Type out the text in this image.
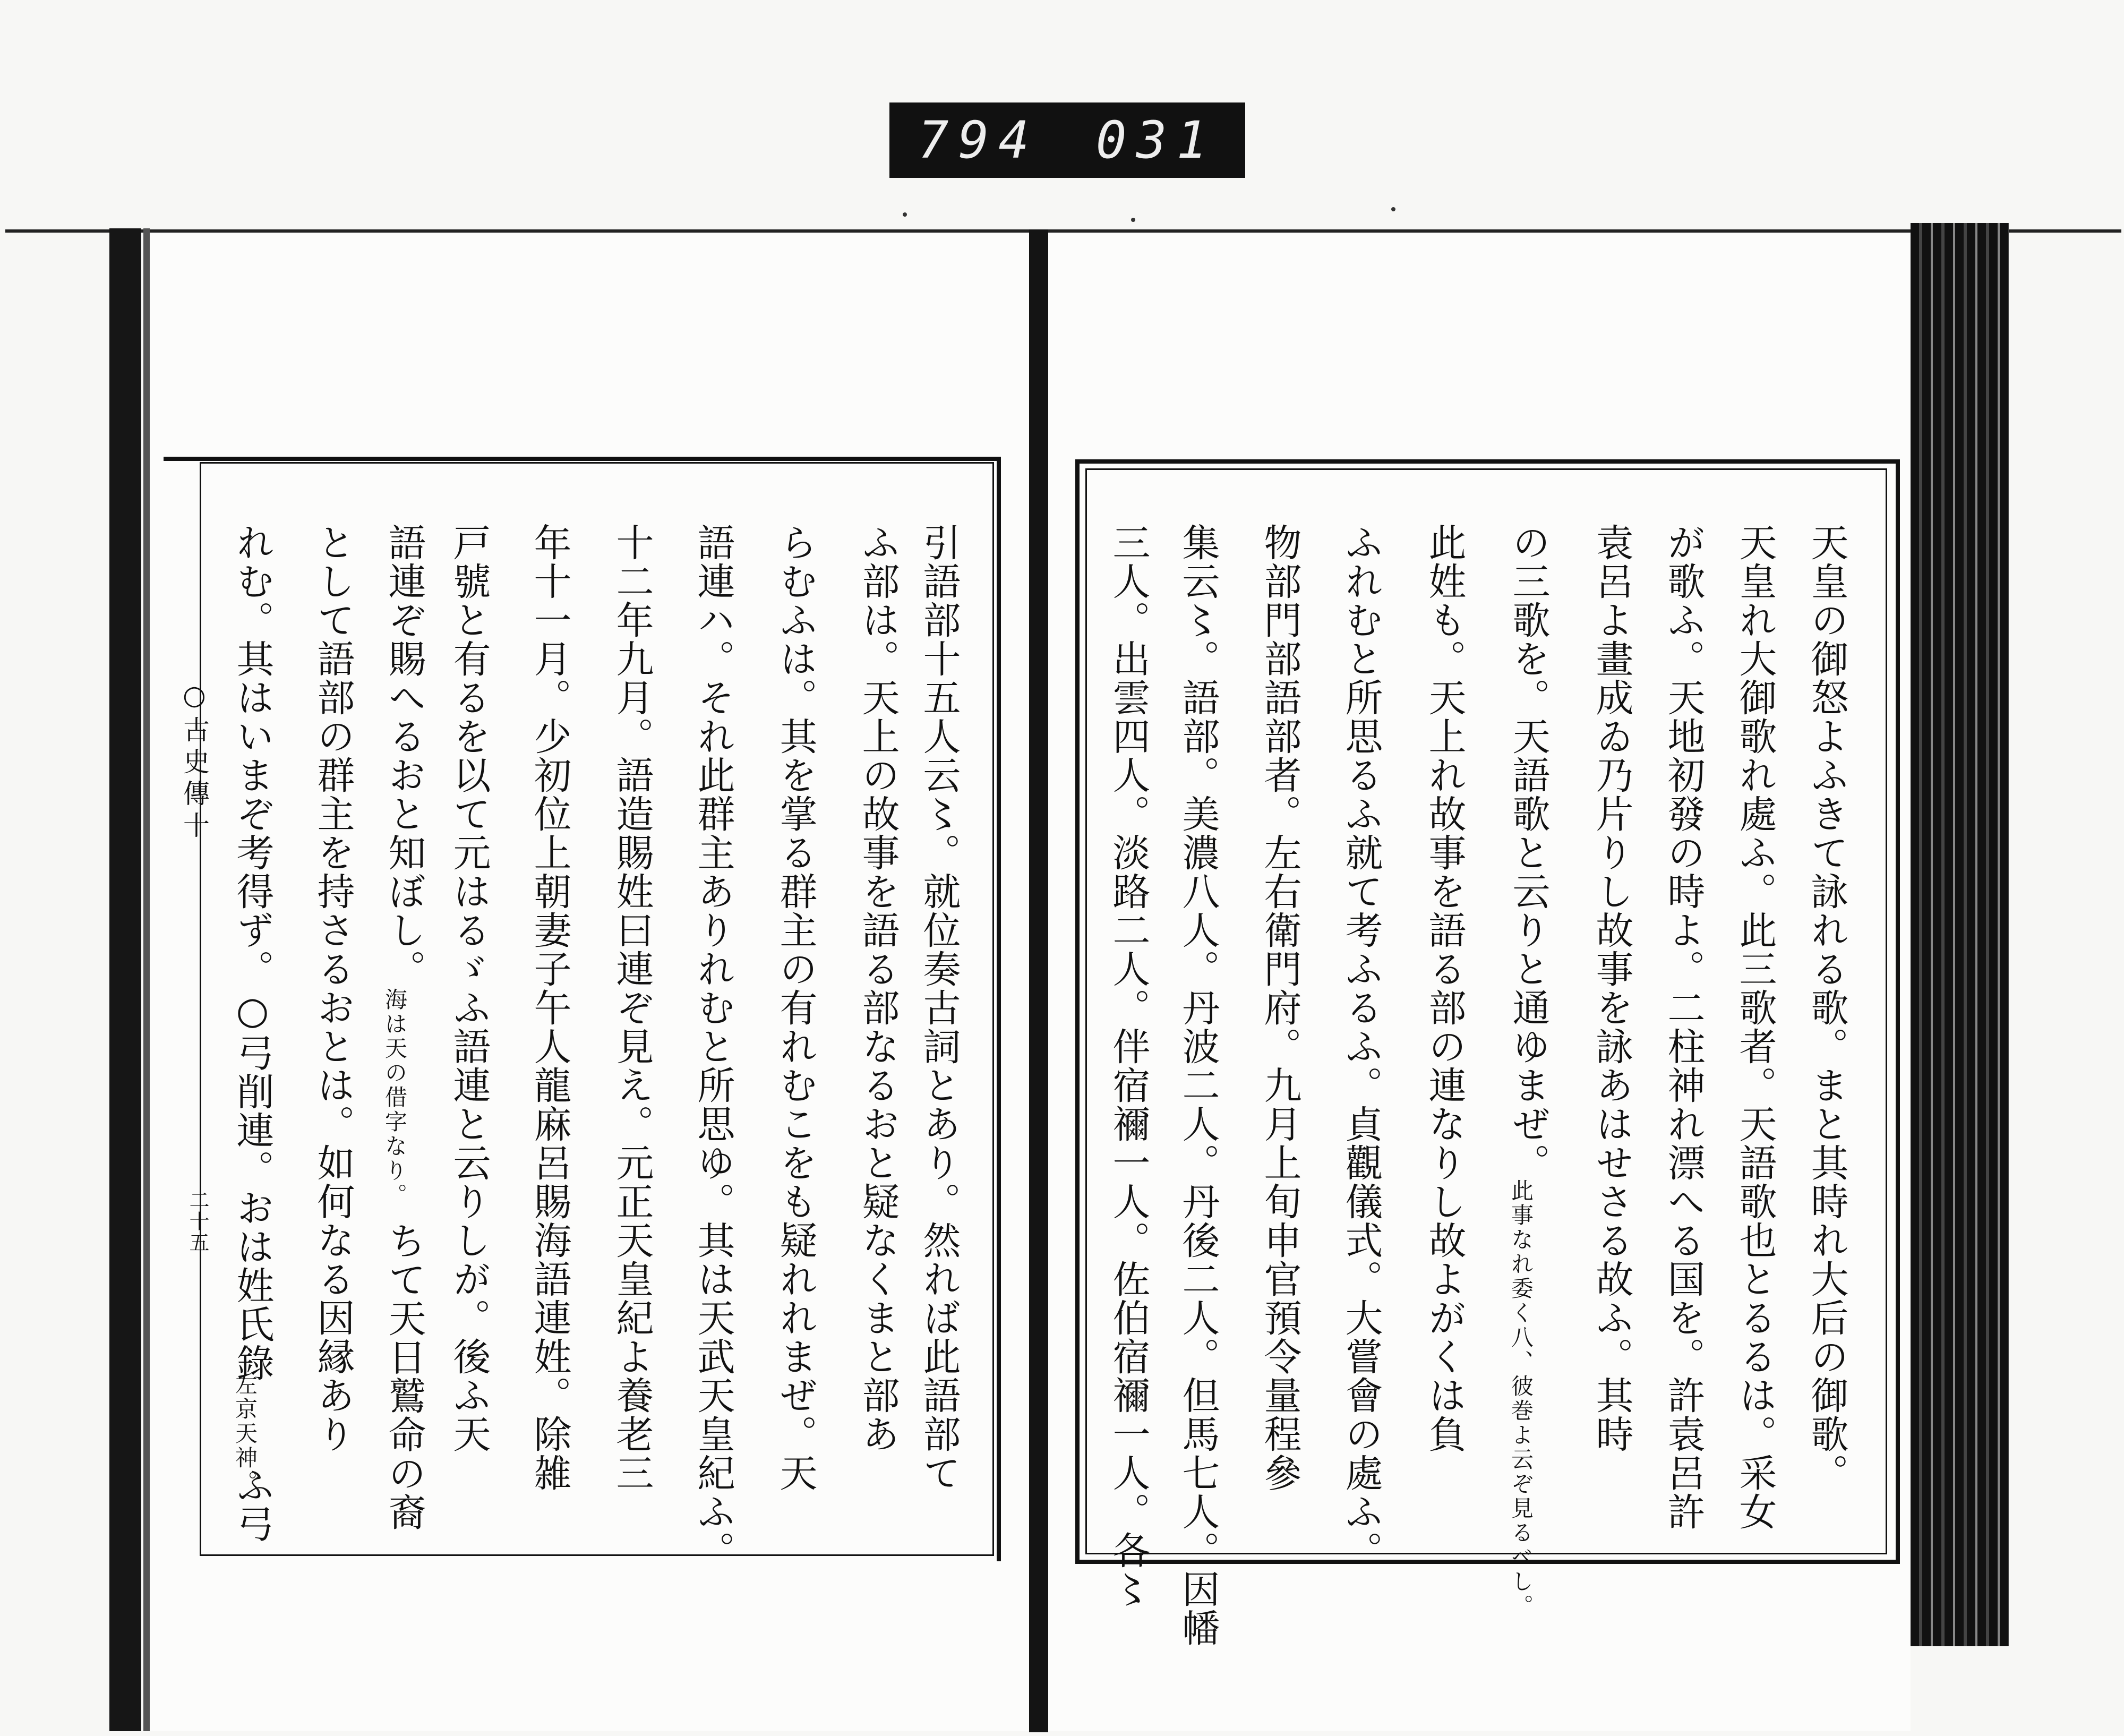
794 031
○古史傳十
二十五	引語部十五人云〻。就位奏古詞とあり。然れば此語部て
ふ部は。天上の故事を語る部なるおと疑なくまと部あ
らむふは。其を掌る群主の有れむこをも疑れれまぜ。天
語連ハ。それ此群主ありれむと所思ゆ。其は天武天皇紀ふ。
十二年九月。語造賜姓曰連ぞ見え。元正天皇紀よ養老三
年十一月。少初位上朝妻子午人龍麻呂賜海語連姓。除雑
戸號と有るを以て元はるゞふ語連と云りしが。後ふ天
語連ぞ賜へるおと知ぼし。
海は天の借字なり。
ちて天日鷲命の裔
として語部の群主を持さるおとは。如何なる因縁あり
れむ。其はいまぞ考得ず。○弓削連。おは姓氏錄
左京天神。
ふ弓
天皇の御怒よふきて詠れる歌。まと其時れ大后の御歌。
天皇れ大御歌れ處ふ。此三歌者。天語歌也とるるは。采女
が歌ふ。天地初發の時よ。二柱神れ漂へる国を。許袁呂許
袁呂よ畫成ゐ乃片りし故事を詠あはせさる故ふ。其時
の三歌を。天語歌と云りと通ゆまぜ。
此事なれ委く八、彼巻よ云ぞ見るべし。
此姓も。天上れ故事を語る部の連なりし故よがくは負
ふれむと所思るふ就て考ふるふ。貞觀儀式。大嘗會の處ふ。
物部門部語部者。左右衛門府。九月上旬申官預令量程參
集云〻。語部。美濃八人。丹波二人。丹後二人。但馬七人。因幡
三人。出雲四人。淡路二人。伴宿禰一人。佐伯宿禰一人。各〻
